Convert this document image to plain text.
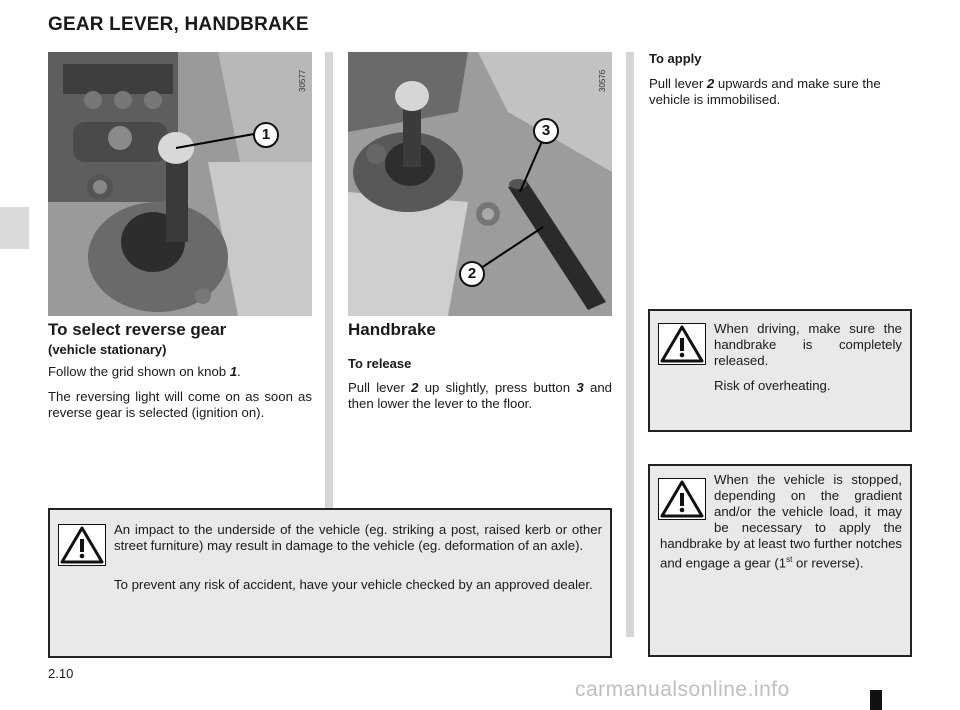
GEAR LEVER, HANDBRAKE
1
30577
3
2
30576
To select reverse gear
(vehicle stationary)

Follow the grid shown on knob 1.

The reversing light will come on as soon as reverse gear is selected (ignition on).

Handbrake
To release

Pull lever 2 up slightly, press button 3 and then lower the lever to the floor.

To apply

Pull lever 2 upwards and make sure the vehicle is immobilised.

When driving, make sure the handbrake is completely released.
Risk of overheating.
When the vehicle is stopped, depending on the gradient and/or the vehicle load, it may be necessary to apply the handbrake by at least two further notches and engage a gear (1st or reverse).
An impact to the underside of the vehicle (eg. striking a post, raised kerb or other street furniture) may result in damage to the vehicle (eg. deformation of an axle).
To prevent any risk of accident, have your vehicle checked by an approved dealer.
2.10
carmanualsonline.info
